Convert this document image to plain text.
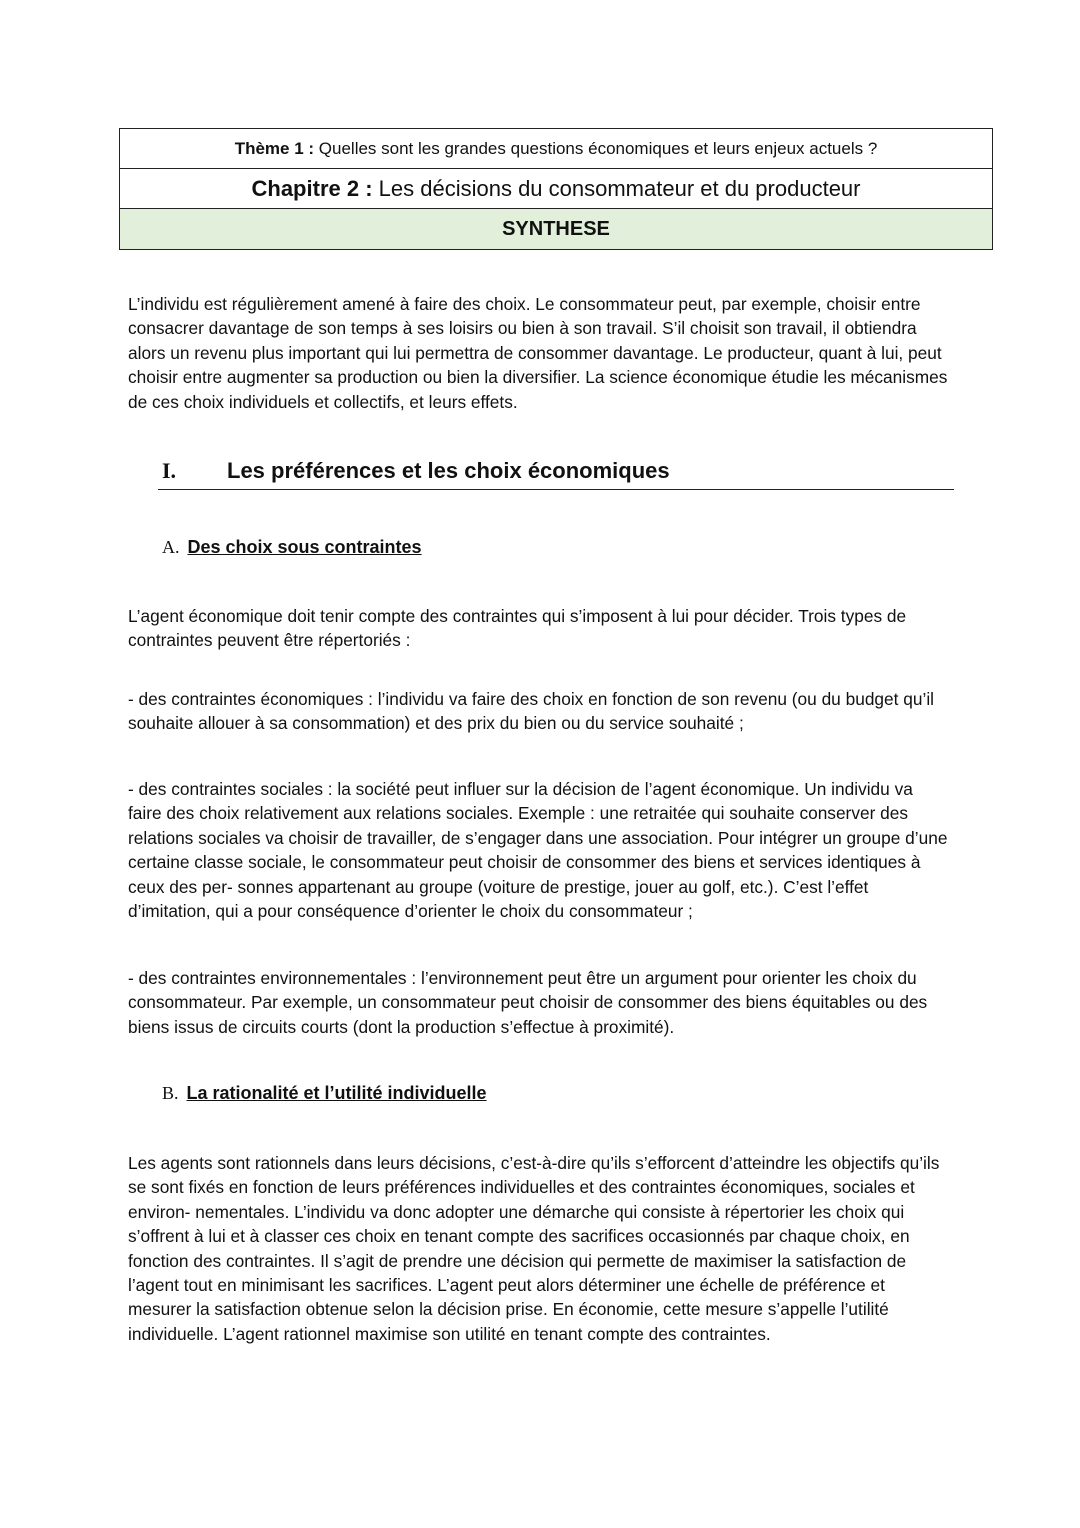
Thème 1 : Quelles sont les grandes questions économiques et leurs enjeux actuels ?
Chapitre 2 : Les décisions du consommateur et du producteur
SYNTHESE

L’individu est régulièrement amené à faire des choix. Le consommateur peut, par exemple, choisir entre consacrer davantage de son temps à ses loisirs ou bien à son travail. S’il choisit son travail, il obtiendra alors un revenu plus important qui lui permettra de consommer davantage. Le producteur, quant à lui, peut choisir entre augmenter sa production ou bien la diversifier. La science économique étudie les mécanismes de ces choix individuels et collectifs, et leurs effets.

I. Les préférences et les choix économiques
A. Des choix sous contraintes

L’agent économique doit tenir compte des contraintes qui s’imposent à lui pour décider. Trois types de contraintes peuvent être répertoriés :

- des contraintes économiques : l’individu va faire des choix en fonction de son revenu (ou du budget qu’il souhaite allouer à sa consommation) et des prix du bien ou du service souhaité ;

- des contraintes sociales : la société peut influer sur la décision de l’agent économique. Un individu va faire des choix relativement aux relations sociales. Exemple : une retraitée qui souhaite conserver des relations sociales va choisir de travailler, de s’engager dans une association. Pour intégrer un groupe d’une certaine classe sociale, le consommateur peut choisir de consommer des biens et services identiques à ceux des per- sonnes appartenant au groupe (voiture de prestige, jouer au golf, etc.). C’est l’effet d’imitation, qui a pour conséquence d’orienter le choix du consommateur ;

- des contraintes environnementales : l’environnement peut être un argument pour orienter les choix du consommateur. Par exemple, un consommateur peut choisir de consommer des biens équitables ou des biens issus de circuits courts (dont la production s’effectue à proximité).

B. La rationalité et l’utilité individuelle

Les agents sont rationnels dans leurs décisions, c’est-à-dire qu’ils s’efforcent d’atteindre les objectifs qu’ils se sont fixés en fonction de leurs préférences individuelles et des contraintes économiques, sociales et environ- nementales. L’individu va donc adopter une démarche qui consiste à répertorier les choix qui s’offrent à lui et à classer ces choix en tenant compte des sacrifices occasionnés par chaque choix, en fonction des contraintes. Il s’agit de prendre une décision qui permette de maximiser la satisfaction de l’agent tout en minimisant les sacrifices. L’agent peut alors déterminer une échelle de préférence et mesurer la satisfaction obtenue selon la décision prise. En économie, cette mesure s’appelle l’utilité individuelle. L’agent rationnel maximise son utilité en tenant compte des contraintes.
